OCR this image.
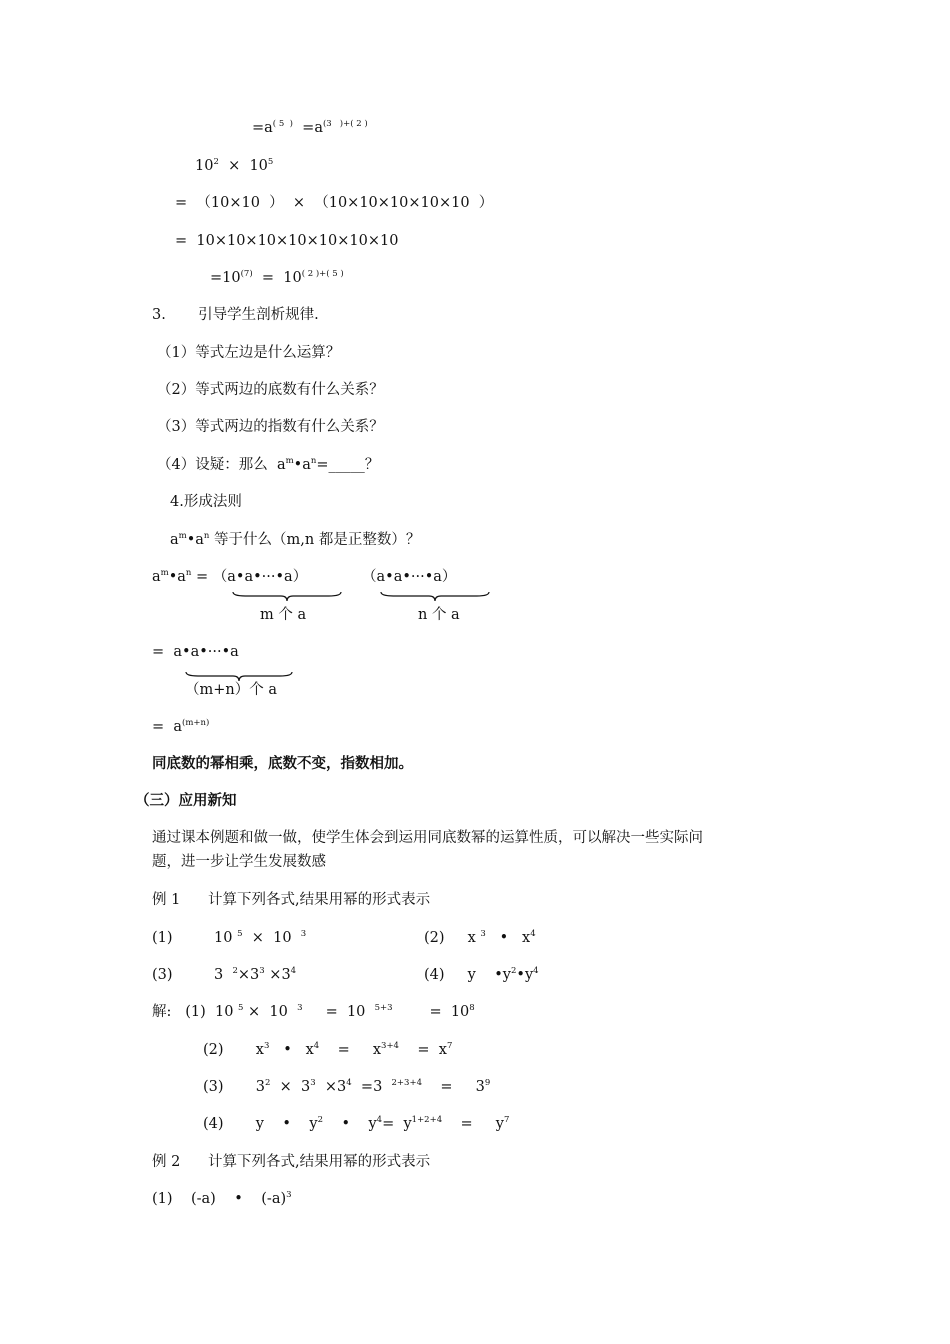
$=a^{( 5 )} =a^{(3 )+( 2 )}$
$10^2 \times 10^5$
=  （10×10  ）  ×  （10×10×10×10×10  ）
=  10×10×10×10×10×10×10
$=10^{(7)} = 10^{( 2 )+( 5 )}$
3.       引导学生剖析规律.
（1）等式左边是什么运算？
（2）等式两边的底数有什么关系？
（3）等式两边的指数有什么关系？
（4）设疑：那么  $a^m•a^n=\_\_\_\_\_$？
4.形成法则
$a^m•a^n$ 等于什么（m,n 都是正整数）？
$a^m•a^n$ = （a•a•···•a）	（a•a•···•a）
m 个 a	n 个 a
=  a•a•···•a
（m+n）个 a
=  $a^{(m+n)}$
同底数的幂相乘，底数不变，指数相加。
（三）应用新知
通过课本例题和做一做，使学生体会到运用同底数幂的运算性质，可以解决一些实际问
题，进一步让学生发展数感
例 1      计算下列各式,结果用幂的形式表示
(1)         10 $^5$  ×  10  $^3$	(2)     x $^3$   •   $x^4$
(3)         3  $^2\times 3^3 \times 3^4$	(4)     y    $•y^2•y^4$
解:   (1)  10 $^5$ ×  10  $^3$     =  10  $^{5+3}$        =  $10^8$
(2)       $x^3$   •   $x^4$    =     $x^{3+4}$    =  $x^7$
(3)       $3^2 \times 3^3 \times 3^4 =3$  $^{2+3+4}$    =     $3^9$
(4)       y    •    $y^2$    •    $y^4= y^{1+2+4}$    =     $y^7$
例 2      计算下列各式,结果用幂的形式表示
(1)    (-a)    •    $(-a)^3$
